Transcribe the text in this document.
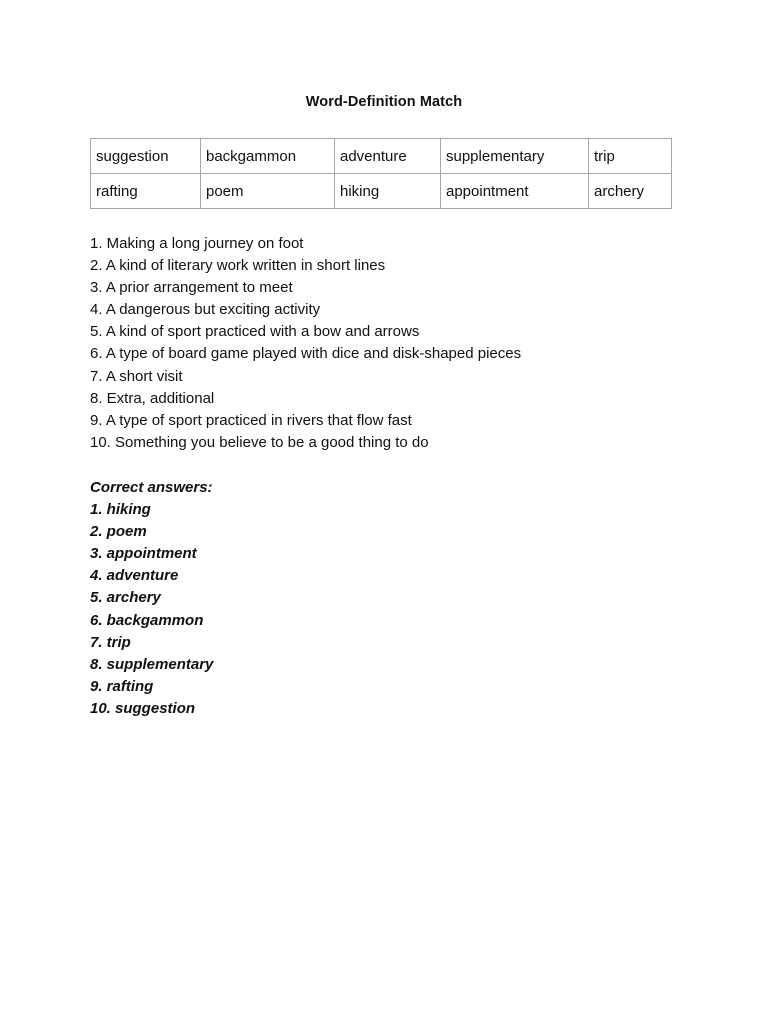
Word-Definition Match
suggestion	backgammon	adventure	supplementary	trip
rafting	poem	hiking	appointment	archery
1. Making a long journey on foot
2. A kind of literary work written in short lines
3. A prior arrangement to meet
4. A dangerous but exciting activity
5. A kind of sport practiced with a bow and arrows
6. A type of board game played with dice and disk-shaped pieces
7. A short visit
8. Extra, additional
9. A type of sport practiced in rivers that flow fast
10. Something you believe to be a good thing to do
Correct answers:
1. hiking
2. poem
3. appointment
4. adventure
5. archery
6. backgammon
7. trip
8. supplementary
9. rafting
10. suggestion
